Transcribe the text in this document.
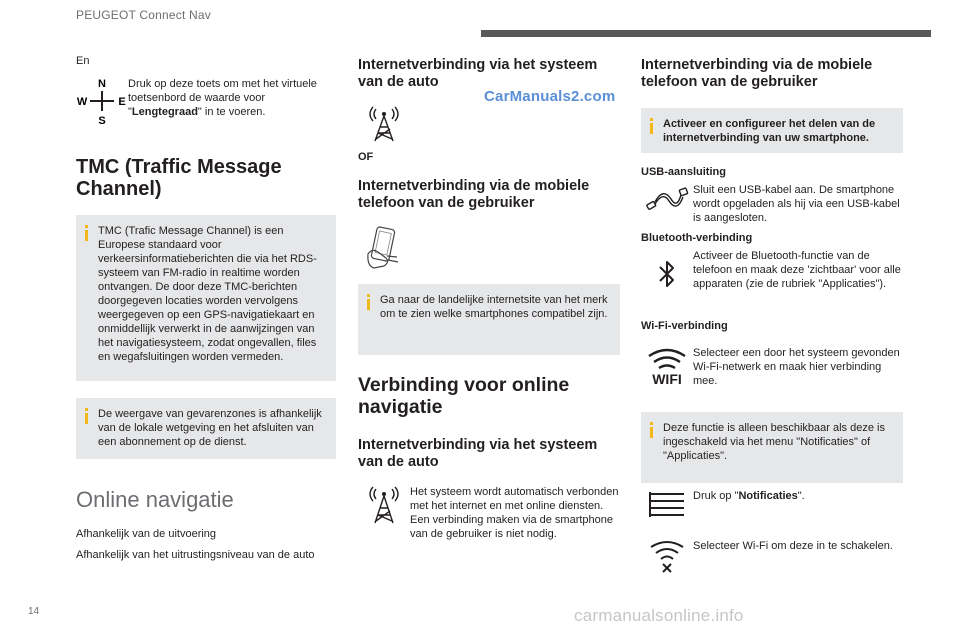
PEUGEOT Connect Nav
En
N
W	E
S
Druk op deze toets om met het virtuele toetsenbord de waarde voor "Lengtegraad" in te voeren.
TMC (Traffic Message
Channel)
TMC (Trafic Message Channel) is een Europese standaard voor verkeersinformatieberichten die via het RDS-systeem van FM-radio in realtime worden ontvangen. De door deze TMC-berichten doorgegeven locaties worden vervolgens weergegeven op een GPS-navigatiekaart en onmiddellijk verwerkt in de aanwijzingen van het navigatiesysteem, zodat ongevallen, files en wegafsluitingen worden vermeden.
De weergave van gevarenzones is afhankelijk van de lokale wetgeving en het afsluiten van een abonnement op de dienst.
Online navigatie
Afhankelijk van de uitvoering
Afhankelijk van het uitrustingsniveau van de auto
Internetverbinding via het systeem van de auto
OF
Internetverbinding via de mobiele telefoon van de gebruiker
Ga naar de landelijke internetsite van het merk om te zien welke smartphones compatibel zijn.
Verbinding voor online navigatie
Internetverbinding via het systeem van de auto
Het systeem wordt automatisch verbonden met het internet en met online diensten. Een verbinding maken via de smartphone van de gebruiker is niet nodig.
CarManuals2.com
Internetverbinding via de mobiele telefoon van de gebruiker
Activeer en configureer het delen van de internetverbinding van uw smartphone.
USB-aansluiting
Sluit een USB-kabel aan. De smartphone wordt opgeladen als hij via een USB-kabel is aangesloten.
Bluetooth-verbinding
Activeer de Bluetooth-functie van de telefoon en maak deze 'zichtbaar' voor alle apparaten (zie de rubriek "Applicaties").
Wi-Fi-verbinding
WIFI
Selecteer een door het systeem gevonden Wi-Fi-netwerk en maak hier verbinding mee.
Deze functie is alleen beschikbaar als deze is ingeschakeld via het menu "Notificaties" of "Applicaties".
Druk op "Notificaties".
Selecteer Wi-Fi om deze in te schakelen.
14	carmanualsonline.info
